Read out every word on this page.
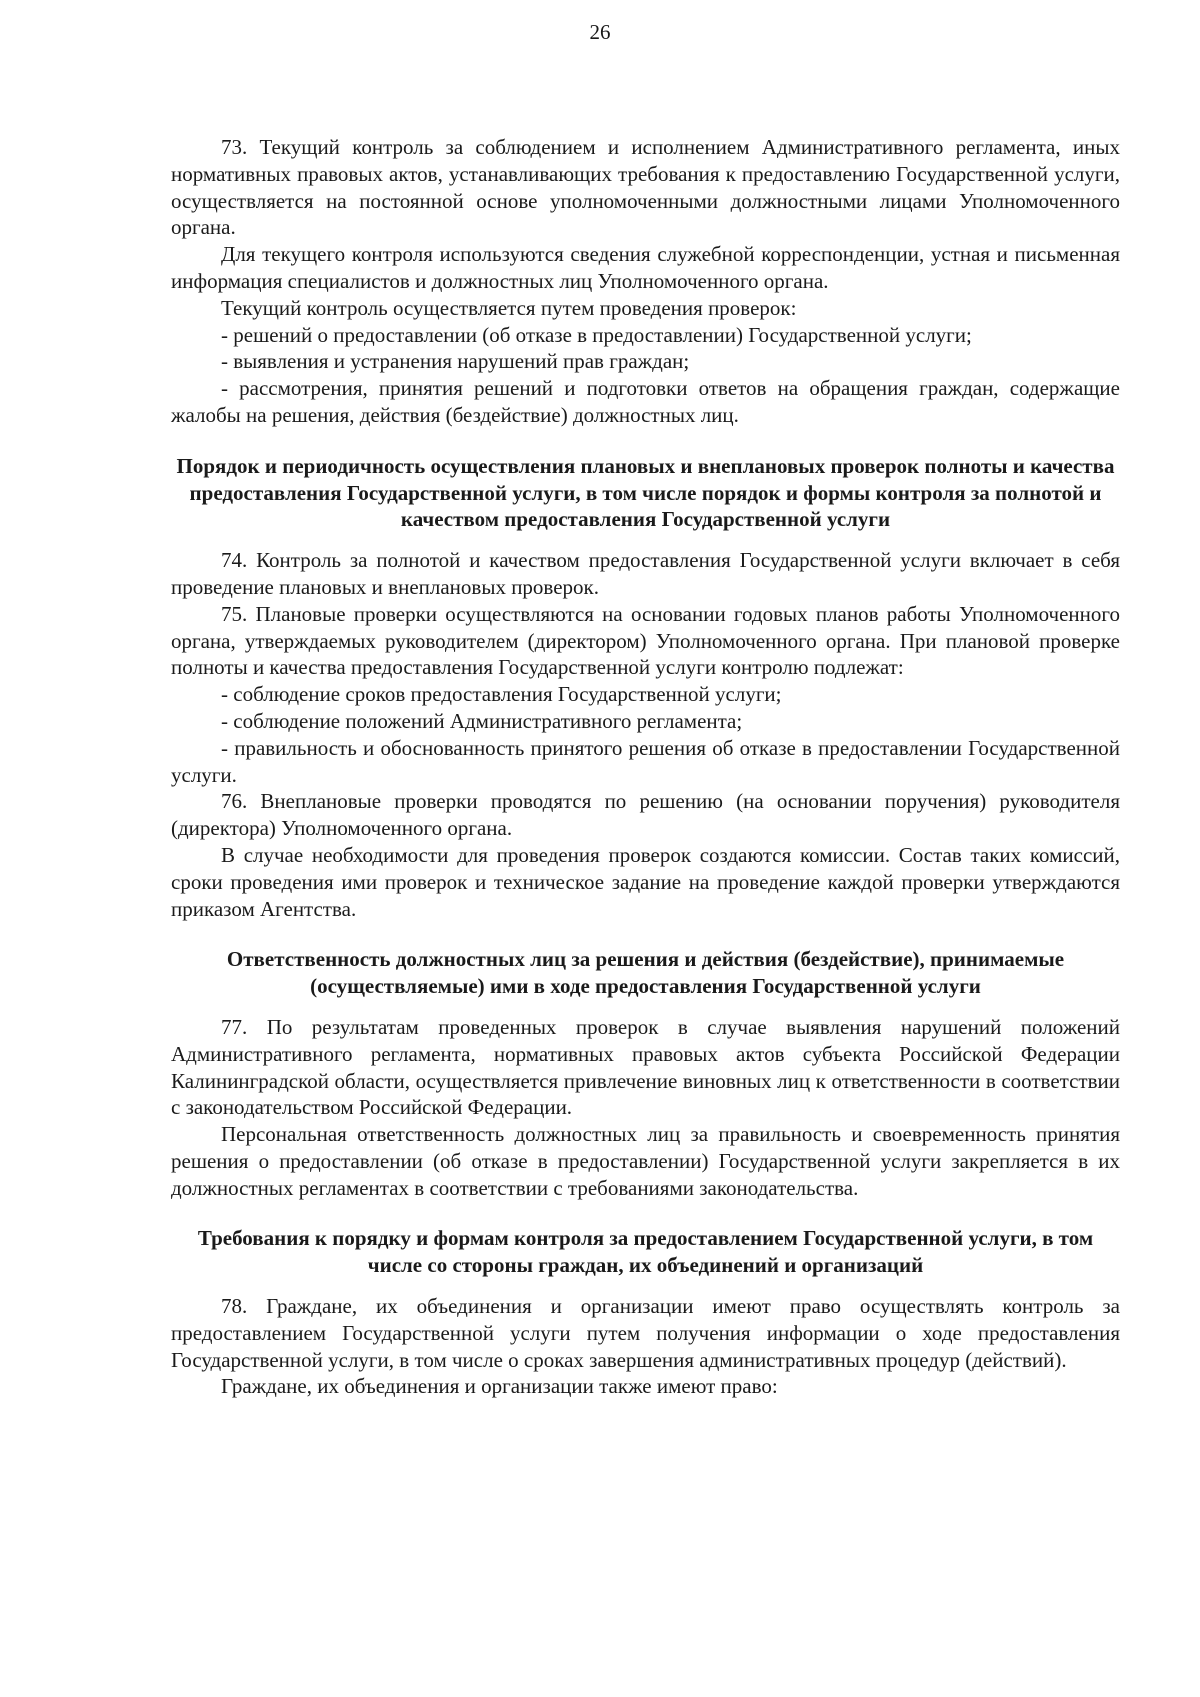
26

73. Текущий контроль за соблюдением и исполнением Административного регламента, иных нормативных правовых актов, устанавливающих требования к предоставлению Государственной услуги, осуществляется на постоянной основе уполномоченными должностными лицами Уполномоченного органа.

Для текущего контроля используются сведения служебной корреспонденции, устная и письменная информация специалистов и должностных лиц Уполномоченного органа.

Текущий контроль осуществляется путем проведения проверок:

- решений о предоставлении (об отказе в предоставлении) Государственной услуги;

- выявления и устранения нарушений прав граждан;

- рассмотрения, принятия решений и подготовки ответов на обращения граждан, содержащие жалобы на решения, действия (бездействие) должностных лиц.

Порядок и периодичность осуществления плановых и внеплановых проверок полноты и качества предоставления Государственной услуги, в том числе порядок и формы контроля за полнотой и качеством предоставления Государственной услуги

74. Контроль за полнотой и качеством предоставления Государственной услуги включает в себя проведение плановых и внеплановых проверок.

75. Плановые проверки осуществляются на основании годовых планов работы Уполномоченного органа, утверждаемых руководителем (директором) Уполномоченного органа. При плановой проверке полноты и качества предоставления Государственной услуги контролю подлежат:

- соблюдение сроков предоставления Государственной услуги;

- соблюдение положений Административного регламента;

- правильность и обоснованность принятого решения об отказе в предоставлении Государственной услуги.

76. Внеплановые проверки проводятся по решению (на основании поручения) руководителя (директора) Уполномоченного органа.

В случае необходимости для проведения проверок создаются комиссии. Состав таких комиссий, сроки проведения ими проверок и техническое задание на проведение каждой проверки утверждаются приказом Агентства.

Ответственность должностных лиц за решения и действия (бездействие), принимаемые (осуществляемые) ими в ходе предоставления Государственной услуги

77. По результатам проведенных проверок в случае выявления нарушений положений Административного регламента, нормативных правовых актов субъекта Российской Федерации Калининградской области, осуществляется привлечение виновных лиц к ответственности в соответствии с законодательством Российской Федерации.

Персональная ответственность должностных лиц за правильность и своевременность принятия решения о предоставлении (об отказе в предоставлении) Государственной услуги закрепляется в их должностных регламентах в соответствии с требованиями законодательства.

Требования к порядку и формам контроля за предоставлением Государственной услуги, в том числе со стороны граждан, их объединений и организаций

78. Граждане, их объединения и организации имеют право осуществлять контроль за предоставлением Государственной услуги путем получения информации о ходе предоставления Государственной услуги, в том числе о сроках завершения административных процедур (действий).

Граждане, их объединения и организации также имеют право:
